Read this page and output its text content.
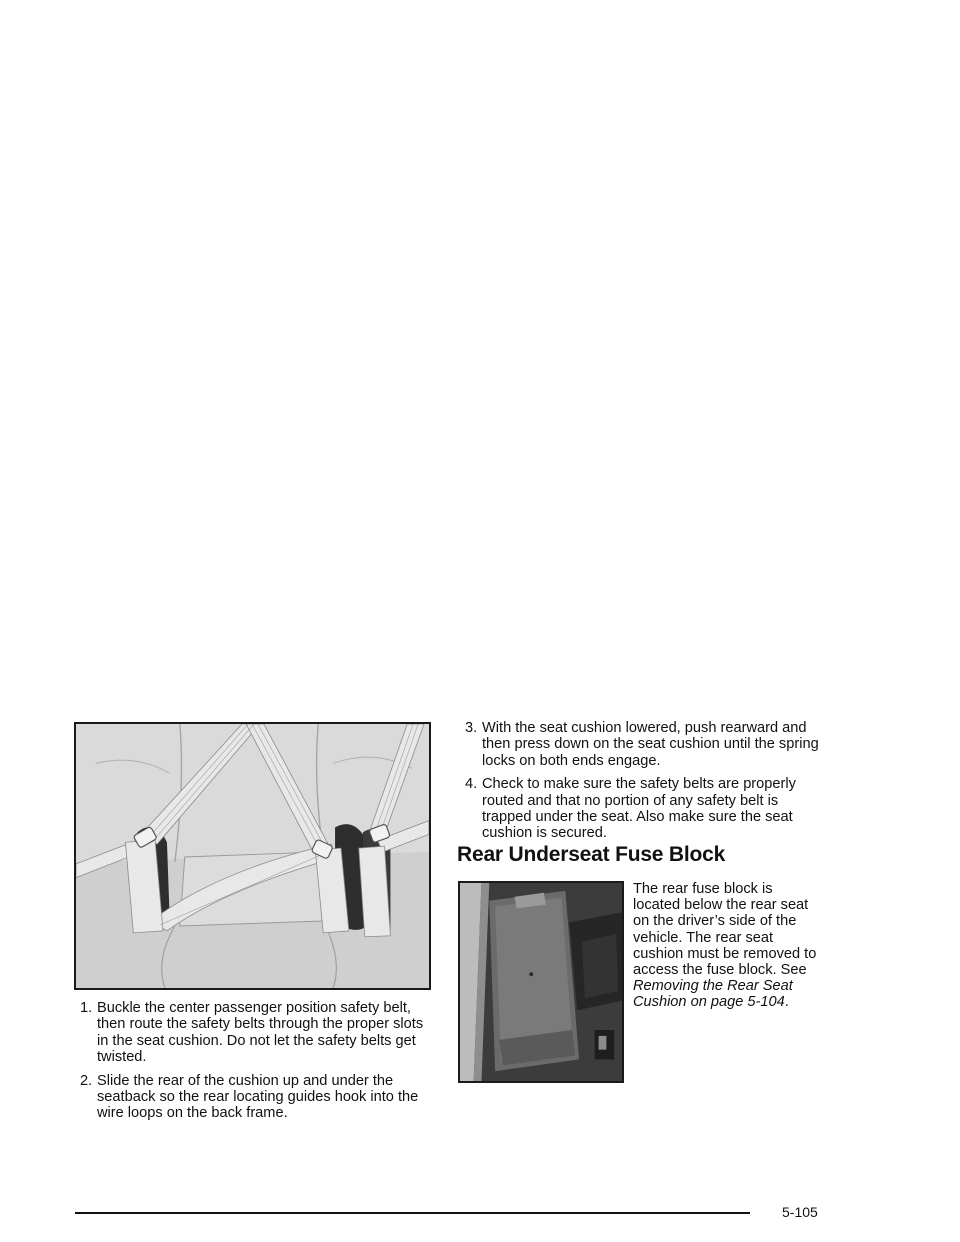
1. Buckle the center passenger position safety belt, then route the safety belts through the proper slots in the seat cushion. Do not let the safety belts get twisted.
2. Slide the rear of the cushion up and under the seatback so the rear locating guides hook into the wire loops on the back frame.
3. With the seat cushion lowered, push rearward and then press down on the seat cushion until the spring locks on both ends engage.
4. Check to make sure the safety belts are properly routed and that no portion of any safety belt is trapped under the seat. Also make sure the seat cushion is secured.
Rear Underseat Fuse Block
The rear fuse block is located below the rear seat on the driver’s side of the vehicle. The rear seat cushion must be removed to access the fuse block. See Removing the Rear Seat Cushion on page 5-104.
5-105
